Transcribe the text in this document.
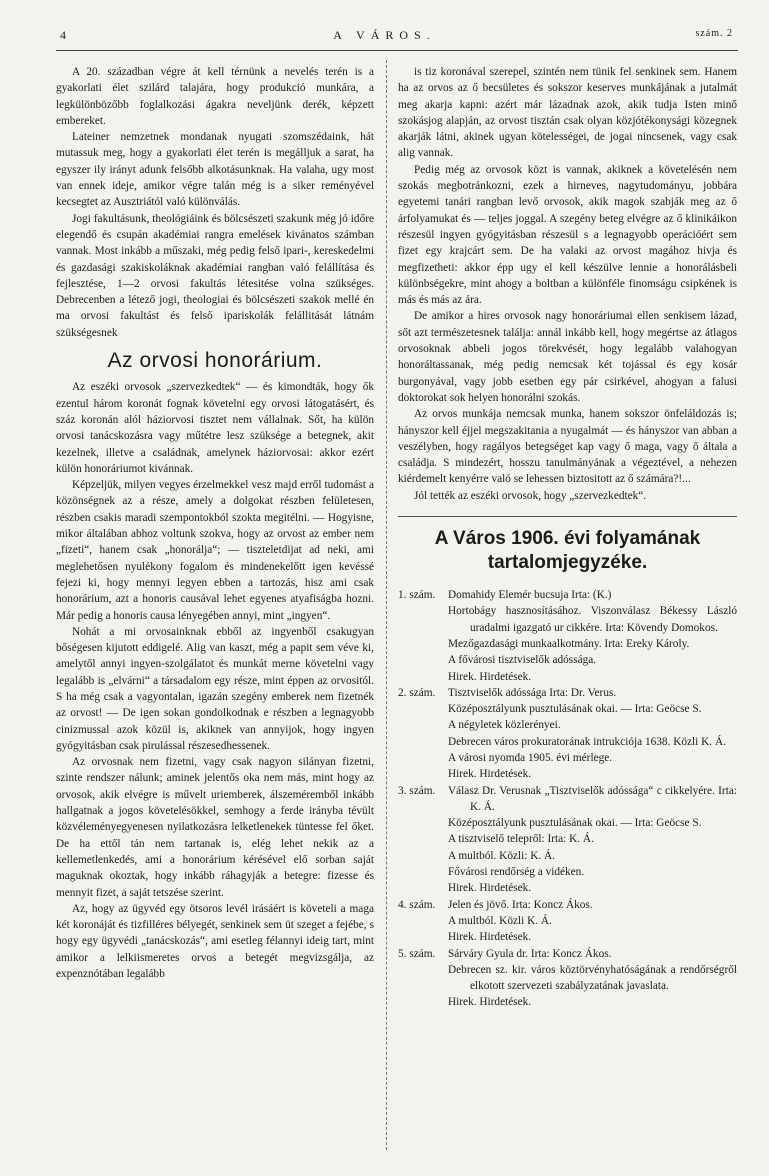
4	A VÁROS.	szám. 2

A 20. században végre át kell térnünk a nevelés terén is a gyakorlati élet szilárd talajára, hogy produkció munkára, a legkülönbözőbb foglalkozási ágakra neveljünk derék, képzett embereket.

Lateiner nemzetnek mondanak nyugati szomszédaink, hát mutassuk meg, hogy a gyakorlati élet terén is megálljuk a sarat, ha egyszer ily irányt adunk felsőbb alkotásunknak. Ha valaha, ugy most van ennek ideje, amikor végre talán még is a siker reményével kecsegtet az Ausztriától való különválás.

Jogi fakultásunk, theológiáink és bölcsészeti szakunk még jó időre elegendő és csupán akadémiai rangra emelések kivánatos számban vannak. Most inkább a műszaki, még pedig felső ipari-, kereskedelmi és gazdasági szakiskoláknak akadémiai rangban való felállítása és fejlesztése, 1—2 orvosi fakultás létesitése volna szükséges. Debrecenben a létező jogi, theologiai és bölcsészeti szakok mellé én ma orvosi fakultást és felső ipariskolák felállitását látnám szükségesnek

Az orvosi honorárium.

Az eszéki orvosok „szervezkedtek“ — és kimondták, hogy ők ezentul három koronát fognak követelni egy orvosi látogatásért, és száz koronán alól háziorvosi tisztet nem vállalnak. Sőt, ha külön orvosi tanácskozásra vagy műtétre lesz szüksége a betegnek, akit kezelnek, illetve a családnak, amelynek háziorvosai: akkor ezért külön honoráriumot kivánnak.

Képzeljük, milyen vegyes érzelmekkel vesz majd erről tudomást a közönségnek az a része, amely a dolgokat részben felületesen, részben csakis maradi szempontokból szokta megitélni. — Hogyisne, mikor általában abhoz voltunk szokva, hogy az orvost az ember nem „fizeti“, hanem csak „honorálja“; — tiszteletdijat ad neki, ami meglehetősen nyulékony fogalom és mindenekelőtt igen kevéssé fejezi ki, hogy mennyi legyen ebben a tartozás, hisz ami csak honorárium, azt a honoris causával lehet egyenes atyafiságba hozni. Már pedig a honoris causa lényegében annyi, mint „ingyen“.

Nohát a mi orvosainknak ebből az ingyenből csakugyan bőségesen kijutott eddigelé. Alig van kaszt, még a papit sem véve ki, amelytől annyi ingyen-szolgálatot és munkát merne követelni vagy legalább is „elvárni“ a társadalom egy része, mint éppen az orvositól. S ha még csak a vagyontalan, igazán szegény emberek nem fizetnék az orvost! — De igen sokan gondolkodnak e részben a legnagyobb cinizmussal azok közül is, akiknek van annyijok, hogy ingyen gyógyitásban csak pirulással részesedhessenek.

Az orvosnak nem fizetni, vagy csak nagyon silányan fizetni, szinte rendszer nálunk; aminek jelentős oka nem más, mint hogy az orvosok, akik elvégre is művelt uriemberek, álszeméremből inkább hallgatnak a jogos követelésökkel, semhogy a ferde irányba tévült közvéleményegyenesen nyilatkozásra lelketlenekek tüntesse fel őket. De ha ettől tán nem tartanak is, elég lehet nekik az a kellemetlenkedés, ami a honorárium kérésével elő sorban saját maguknak okoztak, hogy inkább ráhagyják a betegre: fizesse és mennyit fizet, a saját tetszése szerint.

Az, hogy az ügyvéd egy ötsoros levél irásáért is követeli a maga két koronáját és tizfilléres bélyegét, senkinek sem üt szeget a fejébe, s hogy egy ügyvédi „tanácskozás“, ami esetleg félannyi ideig tart, mint amikor a lelkiismeretes orvos a betegét megvizsgálja, az expenznótában legalább

is tiz koronával szerepel, szintén nem tünik fel senkinek sem. Hanem ha az orvos az ő becsületes és sokszor keserves munkájának a jutalmát meg akarja kapni: azért már lázadnak azok, akik tudja Isten minő szokásjog alapján, az orvost tisztán csak olyan közjótékonysági közegnek akarják látni, akinek ugyan kötelességei, de jogai nincsenek, vagy csak alig vannak.

Pedig még az orvosok közt is vannak, akiknek a követelésén nem szokás megbotránkozni, ezek a hirneves, nagytudományu, jobbára egyetemi tanári rangban levő orvosok, akik magok szabják meg az ő árfolyamukat és — teljes joggal. A szegény beteg elvégre az ő klinikáikon részesül ingyen gyógyitásban részesül s a legnagyobb operációért sem fizet egy krajcárt sem. De ha valaki az orvost magához hivja és megfizetheti: akkor épp ugy el kell készülve lennie a honorálásbeli különbségekre, mint ahogy a boltban a különféle finomságu csipkének is más és más az ára.

De amikor a hires orvosok nagy honoráriumai ellen senkisem lázad, sőt azt természetesnek találja: annál inkább kell, hogy megértse az átlagos orvosoknak abbeli jogos törekvését, hogy legalább valahogyan honoráltassanak, még pedig nemcsak két tojással és egy kosár burgonyával, vagy jobb esetben egy pár csirkével, ahogyan a falusi doktorokat sok helyen honorálni szokás.

Az orvos munkája nemcsak munka, hanem sokszor önfeláldozás is; hányszor kell éjjel megszakitania a nyugalmát — és hányszor van abban a veszélyben, hogy ragályos betegséget kap vagy ő maga, vagy ő általa a családja. S mindezért, hosszu tanulmányának a végeztével, a nehezen kiérdemelt kenyérre való se lehessen biztositott az ő számára?!...

Jól tették az eszéki orvosok, hogy „szervezkedtek“.

A Város 1906. évi folyamának tartalomjegyzéke.
1. szám.	Domahidy Elemér bucsuja Irta: (K.)
Hortobágy hasznosításához. Viszonválasz Békessy László uradalmi igazgató ur cikkére. Irta: Kövendy Domokos.
Mezőgazdasági munkaalkotmány. Irta: Ereky Károly.
A fővárosi tisztviselők adóssága.
Hirek. Hirdetések.
2. szám.	Tisztviselők adóssága Irta: Dr. Verus.
Középosztályunk pusztulásának okai. — Irta: Geöcse S.
A négyletek közlerényei.
Debrecen város prokuratorának intrukciója 1638. Közli K. Á.
A városi nyomda 1905. évi mérlege.
Hirek. Hirdetések.
3. szám.	Válasz Dr. Verusnak „Tisztviselők adóssága“ c cikkelyére. Irta: K. Á.
Középosztályunk pusztulásának okai. — Irta: Geöcse S.
A tisztviselő telepről: Irta: K. Á.
A multból. Közli: K. Á.
Fővárosi rendőrség a vidéken.
Hirek. Hirdetések.
4. szám.	Jelen és jövő. Irta: Koncz Ákos.
A multból. Közli K. Á.
Hirek. Hirdetések.
5. szám.	Sárváry Gyula dr. Irta: Koncz Ákos.
Debrecen sz. kir. város köztörvényhatóságának a rendőrségről elkotott szervezeti szabályzatának javaslata.
Hirek. Hirdetések.
